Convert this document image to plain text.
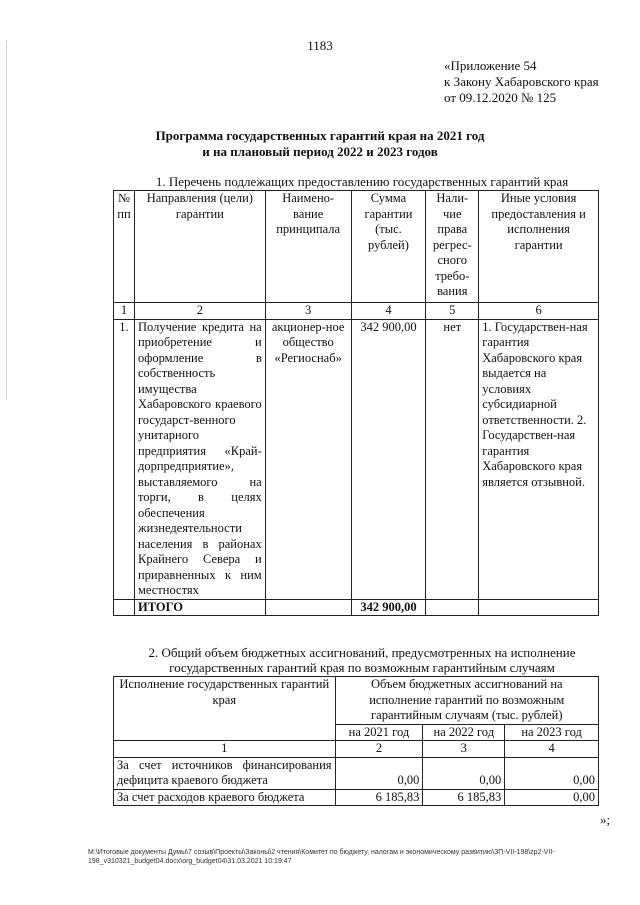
1183
«Приложение 54
к Закону Хабаровского края
от 09.12.2020 № 125
Программа государственных гарантий края на 2021 год
и на плановый период 2022 и 2023 годов
1. Перечень подлежащих предоставлению государственных гарантий края
№ пп	Направления (цели) гарантии	Наимено-вание принципала	Сумма гарантии (тыс. рублей)	Нали-чие права регрес-сного требо-вания	Иные условия предоставления и исполнения гарантии
1	2	3	4	5	6
1.	Получение кредита на приобретение и оформление в собственность имущества Хабаровского краевого государст-венного унитарного предприятия «Край-дорпредприятие», выставляемого на торги, в целях обеспечения жизнедеятельности населения в районах Крайнего Севера и приравненных к ним местностях	акционер-ное общество «Региоснаб»	342 900,00	нет	1. Государствен-ная гарантия Хабаровского края выдается на условиях субсидиарной ответственности. 2. Государствен-ная гарантия Хабаровского края является отзывной.
	ИТОГО		342 900,00		
2. Общий объем бюджетных ассигнований, предусмотренных на исполнение
государственных гарантий края по возможным гарантийным случаям
Исполнение государственных гарантий края	Объем бюджетных ассигнований на исполнение гарантий по возможным гарантийным случаям (тыс. рублей)		
	на 2021 год	на 2022 год	на 2023 год
1	2	3	4
За счет источников финансирования дефицита краевого бюджета	0,00	0,00	0,00
За счет расходов краевого бюджета	6 185,83	6 185,83	0,00
»;
M:\Итоговые документы Думы\7 созыв\Проекты\Законы\2 чтения\Комитет по бюджету, налогам и экономическому развитию\ЗП-VII-198\zp2-VII-198_v310321_budget04.docx\org_budget04\31.03.2021 10:19:47
